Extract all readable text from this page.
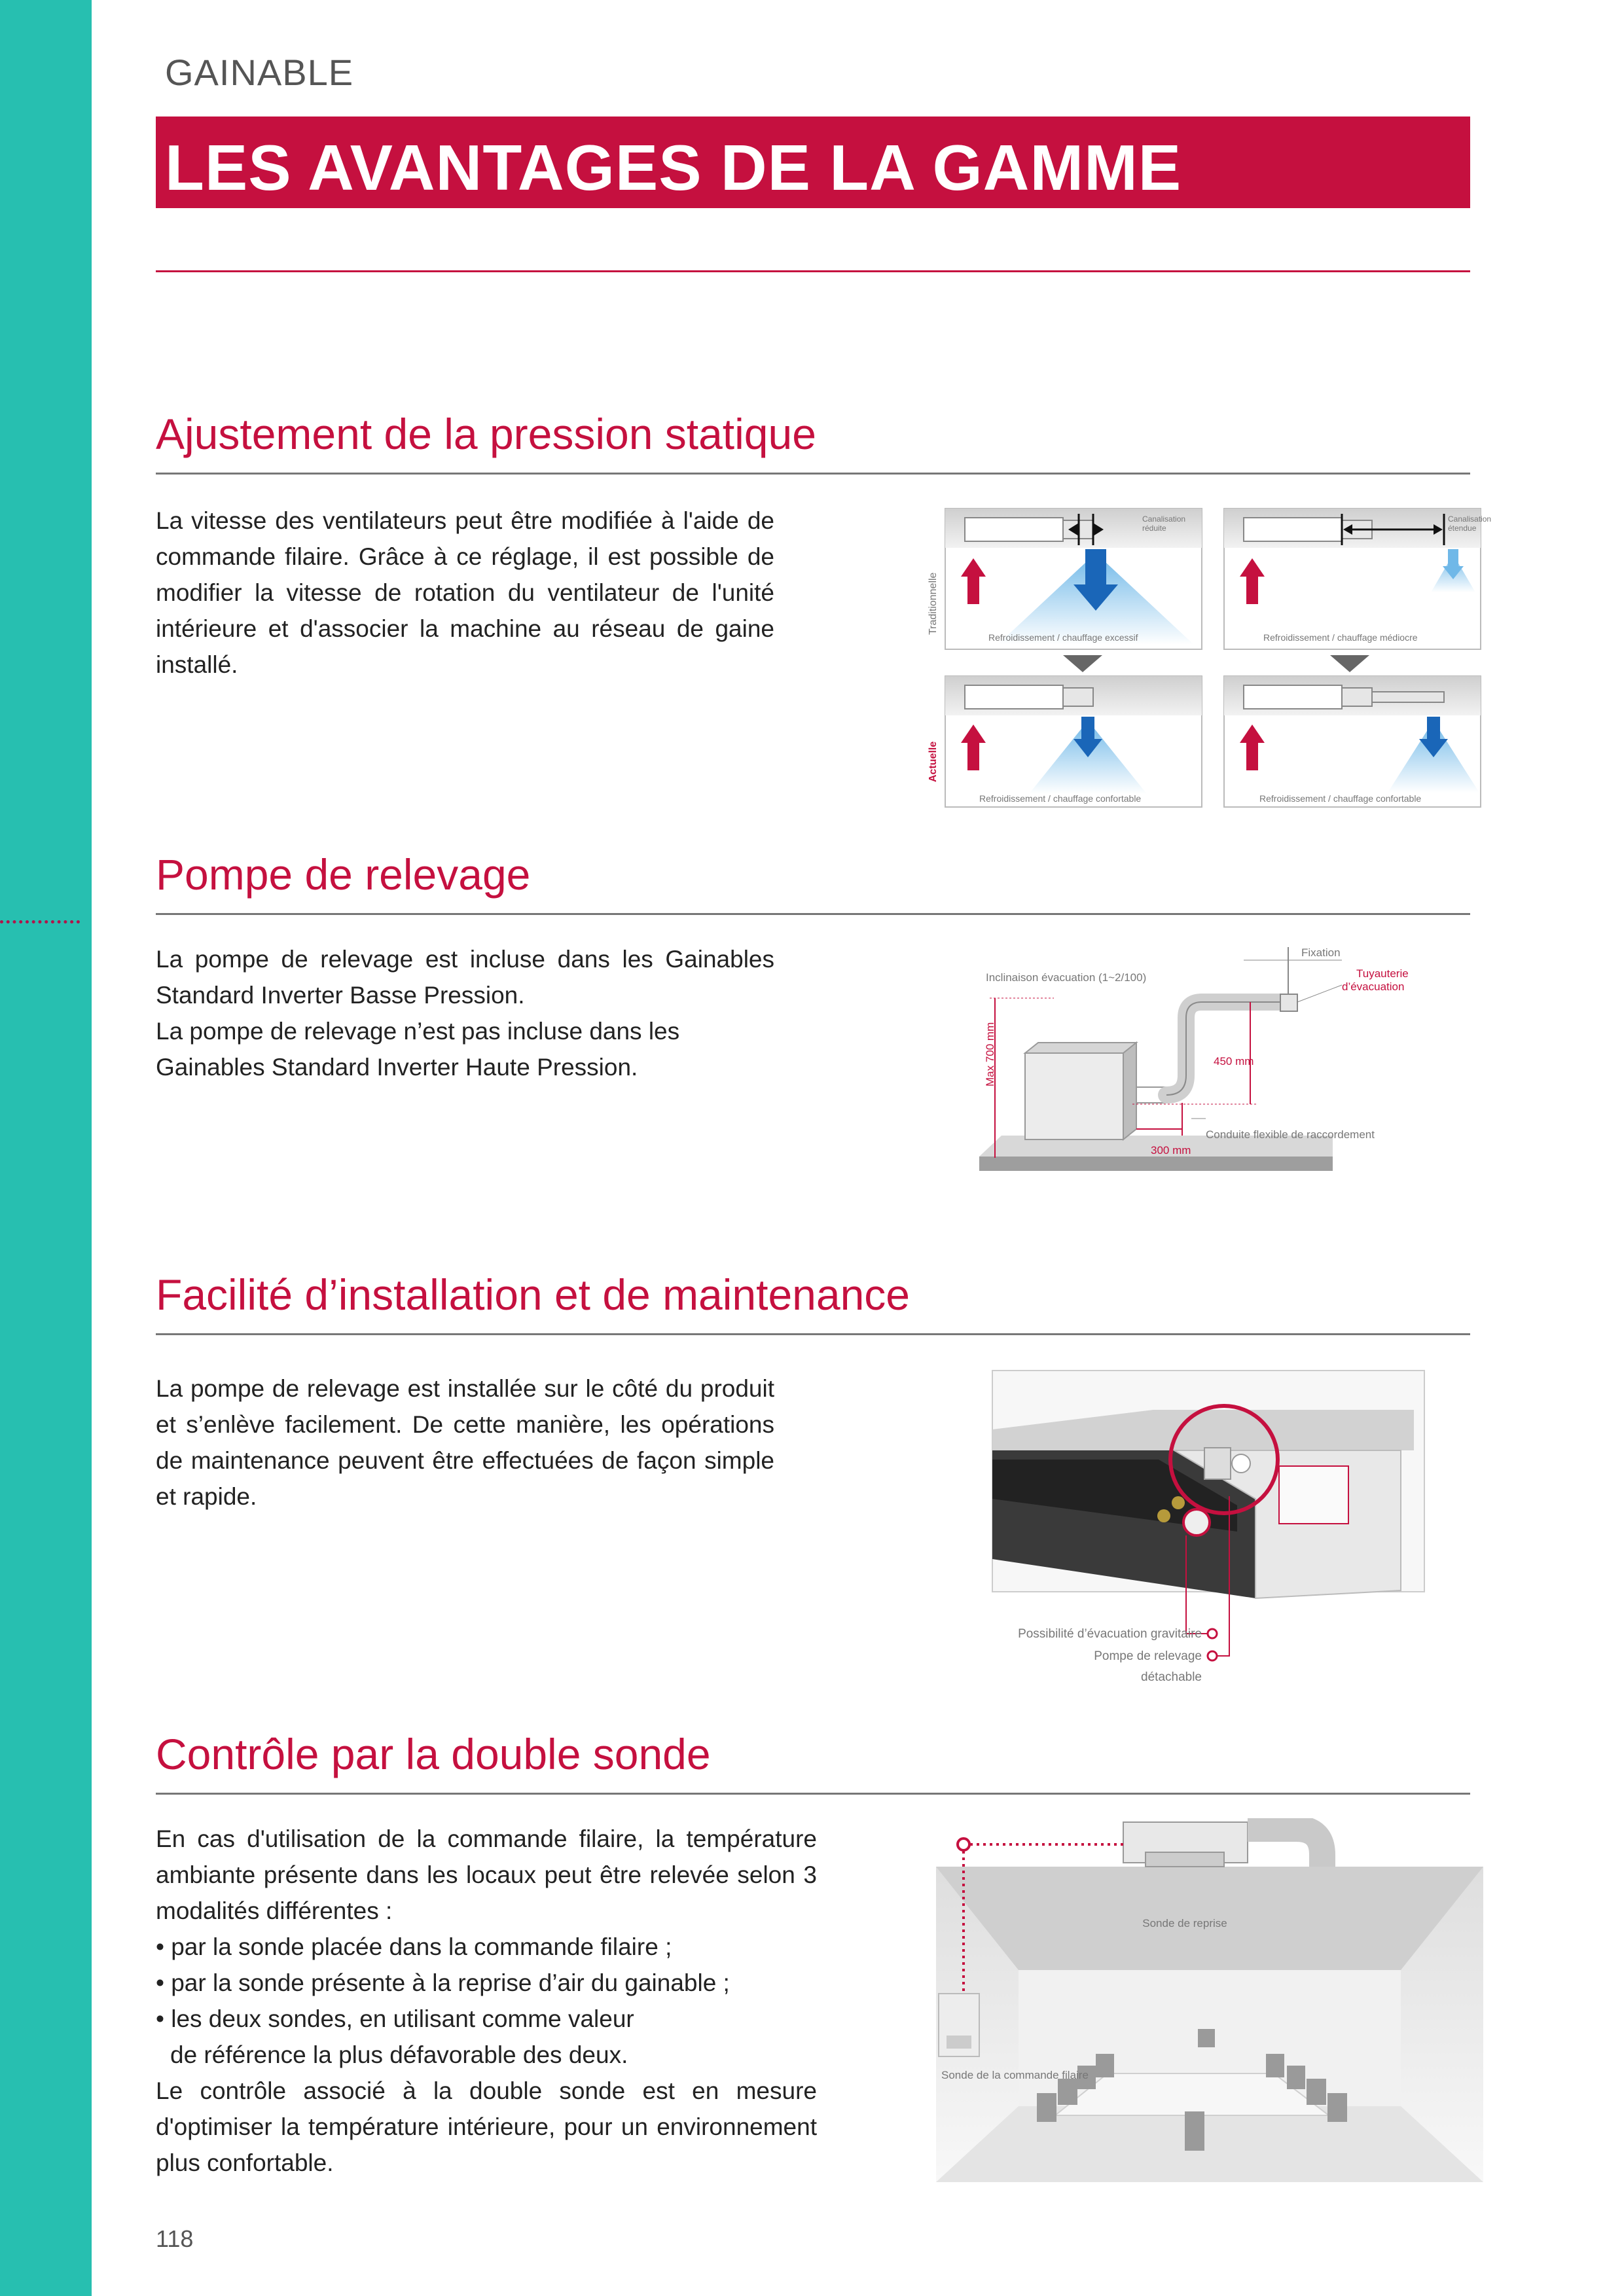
GAINABLE
LES AVANTAGES DE LA GAMME
Ajustement de la pression statique

La vitesse des ventilateurs peut être modifiée à l'aide de commande filaire. Grâce à ce réglage, il est possible de modifier la vitesse de rotation du ventilateur de l'unité intérieure et d'associer la machine au réseau de gaine installé.

Traditionnelle
Actuelle
Canalisation
réduite
Refroidissement / chauffage excessif
Canalisation
étendue
Refroidissement / chauffage médiocre
Refroidissement / chauffage confortable	Refroidissement / chauffage confortable
Pompe de relevage

La pompe de relevage est incluse dans les Gainables Standard Inverter Basse Pression.

La pompe de relevage n’est pas incluse dans les Gainables Standard Inverter Haute Pression.

Fixation
Inclinaison évacuation (1~2/100)	Tuyauterie
d’évacuation
Max 700 mm	450 mm
Conduite flexible de raccordement
300 mm
Facilité d’installation et de maintenance

La pompe de relevage est installée sur le côté du produit et s’enlève facilement. De cette manière, les opérations de maintenance peuvent être effectuées de façon simple et rapide.

Possibilité d’évacuation gravitaire
Pompe de relevage
détachable
Contrôle par la double sonde

En cas d'utilisation de la commande filaire, la température ambiante présente dans les locaux peut être relevée selon 3 modalités différentes :

• par la sonde placée dans la commande filaire ;

• par la sonde présente à la reprise d’air du gainable ;

• les deux sondes, en utilisant comme valeur

de référence la plus défavorable des deux.

Le contrôle associé à la double sonde est en mesure d'optimiser la température intérieure, pour un environnement plus confortable.

Sonde de reprise
Sonde de la commande filaire
118
